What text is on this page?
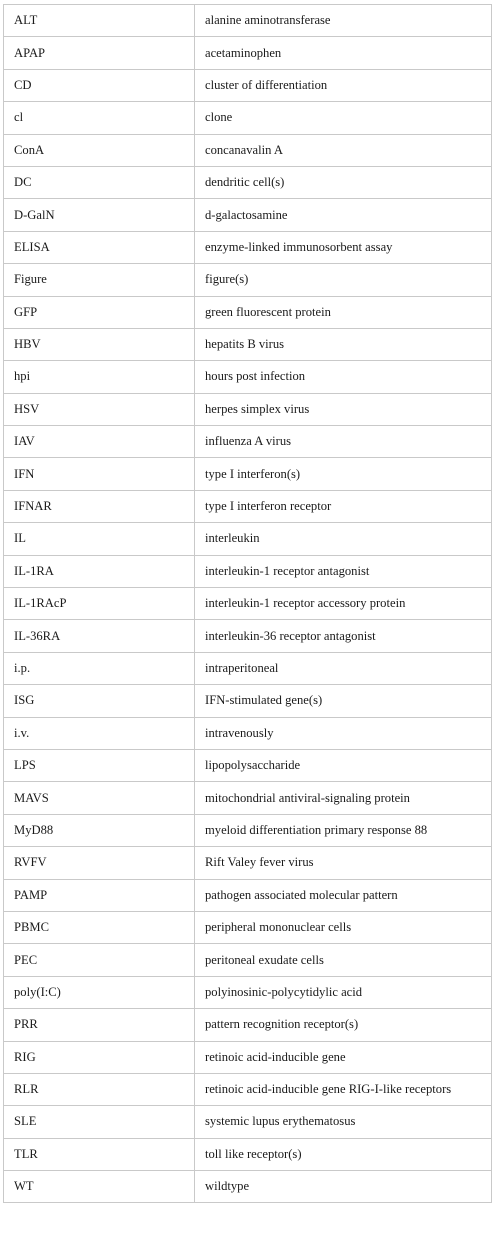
ALT	alanine aminotransferase
APAP	acetaminophen
CD	cluster of differentiation
cl	clone
ConA	concanavalin A
DC	dendritic cell(s)
D-GalN	d-galactosamine
ELISA	enzyme-linked immunosorbent assay
Figure	figure(s)
GFP	green fluorescent protein
HBV	hepatits B virus
hpi	hours post infection
HSV	herpes simplex virus
IAV	influenza A virus
IFN	type I interferon(s)
IFNAR	type I interferon receptor
IL	interleukin
IL-1RA	interleukin-1 receptor antagonist
IL-1RAcP	interleukin-1 receptor accessory protein
IL-36RA	interleukin-36 receptor antagonist
i.p.	intraperitoneal
ISG	IFN-stimulated gene(s)
i.v.	intravenously
LPS	lipopolysaccharide
MAVS	mitochondrial antiviral-signaling protein
MyD88	myeloid differentiation primary response 88
RVFV	Rift Valey fever virus
PAMP	pathogen associated molecular pattern
PBMC	peripheral mononuclear cells
PEC	peritoneal exudate cells
poly(I:C)	polyinosinic-polycytidylic acid
PRR	pattern recognition receptor(s)
RIG	retinoic acid-inducible gene
RLR	retinoic acid-inducible gene RIG-I-like receptors
SLE	systemic lupus erythematosus
TLR	toll like receptor(s)
WT	wildtype
